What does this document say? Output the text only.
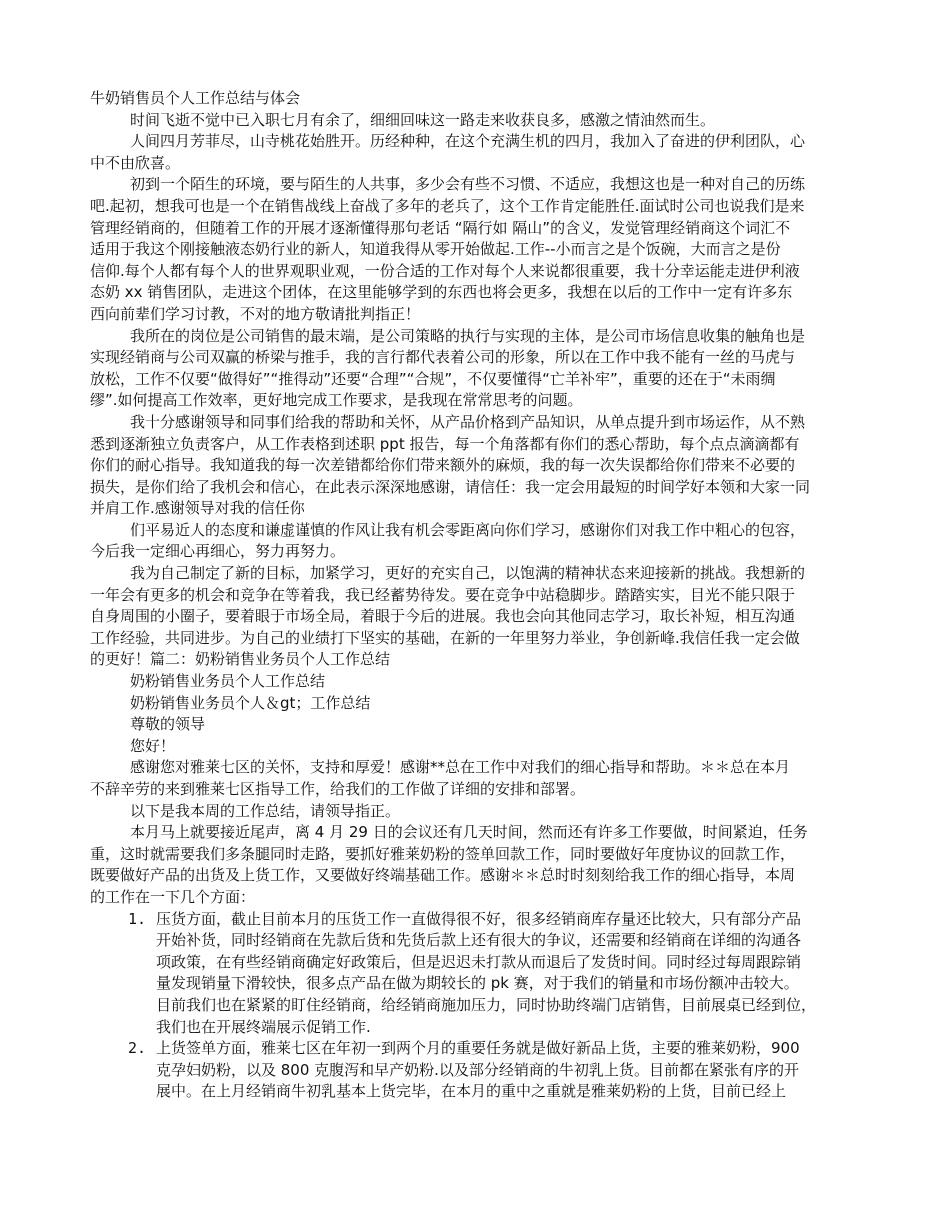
牛奶销售员个人工作总结与体会
时间飞逝不觉中已入职七月有余了，细细回味这一路走来收获良多，感激之情油然而生。
人间四月芳菲尽，山寺桃花始胜开。历经种种，在这个充满生机的四月，我加入了奋进的伊利团队，心
中不由欣喜。
初到一个陌生的环境，要与陌生的人共事，多少会有些不习惯、不适应，我想这也是一种对自己的历练
吧.起初，想我可也是一个在销售战线上奋战了多年的老兵了，这个工作肯定能胜任.面试时公司也说我们是来
管理经销商的，但随着工作的开展才逐渐懂得那句老话 “隔行如 隔山”的含义，发觉管理经销商这个词汇不
适用于我这个刚接触液态奶行业的新人，知道我得从零开始做起.工作--小而言之是个饭碗，大而言之是份
信仰.每个人都有每个人的世界观职业观，一份合适的工作对每个人来说都很重要，我十分幸运能走进伊利液
态奶 xx 销售团队，走进这个团体，在这里能够学到的东西也将会更多，我想在以后的工作中一定有许多东
西向前辈们学习讨教，不对的地方敬请批判指正！
我所在的岗位是公司销售的最末端，是公司策略的执行与实现的主体，是公司市场信息收集的触角也是
实现经销商与公司双赢的桥梁与推手，我的言行都代表着公司的形象，所以在工作中我不能有一丝的马虎与
放松，工作不仅要“做得好”“推得动”还要“合理”“合规”，不仅要懂得“亡羊补牢”，重要的还在于“未雨绸
缪”.如何提高工作效率，更好地完成工作要求，是我现在常常思考的问题。
我十分感谢领导和同事们给我的帮助和关怀，从产品价格到产品知识，从单点提升到市场运作，从不熟
悉到逐渐独立负责客户，从工作表格到述职 ppt 报告，每一个角落都有你们的悉心帮助，每个点点滴滴都有
你们的耐心指导。我知道我的每一次差错都给你们带来额外的麻烦，我的每一次失误都给你们带来不必要的
损失，是你们给了我机会和信心，在此表示深深地感谢，请信任：我一定会用最短的时间学好本领和大家一同
并肩工作.感谢领导对我的信任你
们平易近人的态度和谦虚谨慎的作风让我有机会零距离向你们学习，感谢你们对我工作中粗心的包容，
今后我一定细心再细心，努力再努力。
我为自己制定了新的目标，加紧学习，更好的充实自己，以饱满的精神状态来迎接新的挑战。我想新的
一年会有更多的机会和竞争在等着我，我已经蓄势待发。要在竞争中站稳脚步。踏踏实实，目光不能只限于
自身周围的小圈子，要着眼于市场全局，着眼于今后的进展。我也会向其他同志学习，取长补短，相互沟通
工作经验，共同进步。为自己的业绩打下坚实的基础，在新的一年里努力举业，争创新峰.我信任我一定会做
的更好！篇二：奶粉销售业务员个人工作总结
奶粉销售业务员个人工作总结
奶粉销售业务员个人＆gt；工作总结
尊敬的领导
您好！
感谢您对雅莱七区的关怀，支持和厚爱！感谢**总在工作中对我们的细心指导和帮助。＊＊总在本月
不辞辛劳的来到雅莱七区指导工作，给我们的工作做了详细的安排和部署。
以下是我本周的工作总结，请领导指正。
本月马上就要接近尾声，离 4 月 29 日的会议还有几天时间，然而还有许多工作要做，时间紧迫，任务
重，这时就需要我们多条腿同时走路，要抓好雅莱奶粉的签单回款工作，同时要做好年度协议的回款工作，
既要做好产品的出货及上货工作，又要做好终端基础工作。感谢＊＊总时时刻刻给我工作的细心指导，本周
的工作在一下几个方面：
1. 压货方面，截止目前本月的压货工作一直做得很不好，很多经销商库存量还比较大，只有部分产品
开始补货，同时经销商在先款后货和先货后款上还有很大的争议，还需要和经销商在详细的沟通各
项政策，在有些经销商确定好政策后，但是迟迟未打款从而退后了发货时间。同时经过每周跟踪销
量发现销量下滑较快，很多点产品在做为期较长的 pk 赛，对于我们的销量和市场份额冲击较大。
目前我们也在紧紧的盯住经销商，给经销商施加压力，同时协助终端门店销售，目前展桌已经到位，
我们也在开展终端展示促销工作.
2. 上货签单方面，雅莱七区在年初一到两个月的重要任务就是做好新品上货，主要的雅莱奶粉，900
克孕妇奶粉，以及 800 克腹泻和早产奶粉.以及部分经销商的牛初乳上货。目前都在紧张有序的开
展中。在上月经销商牛初乳基本上货完毕，在本月的重中之重就是雅莱奶粉的上货，目前已经上
